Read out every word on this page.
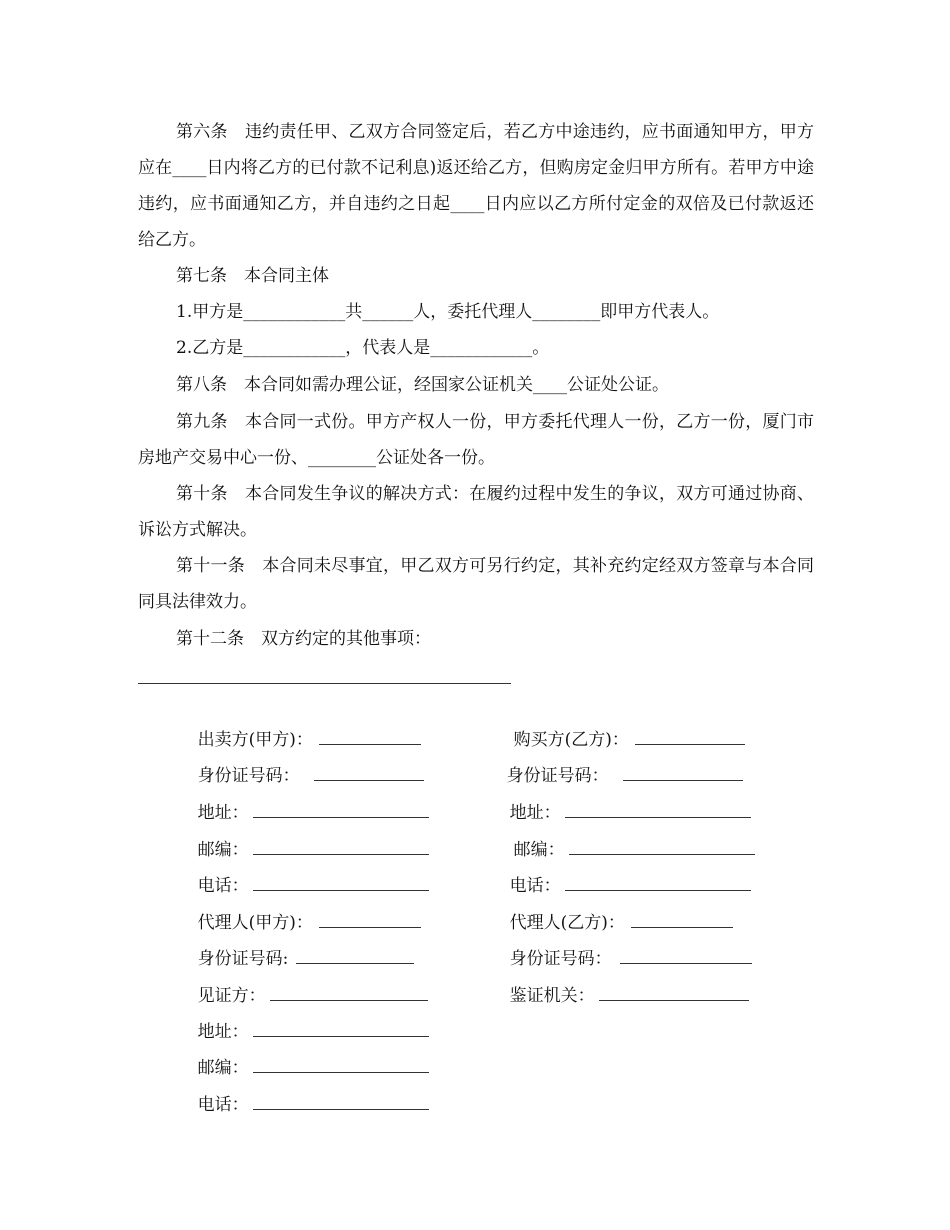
第六条　违约责任甲、乙双方合同签定后，若乙方中途违约，应书面通知甲方，甲方应在____日内将乙方的已付款不记利息)返还给乙方，但购房定金归甲方所有。若甲方中途违约，应书面通知乙方，并自违约之日起____日内应以乙方所付定金的双倍及已付款返还给乙方。

第七条　本合同主体

1.甲方是____________共______人，委托代理人________即甲方代表人。

2.乙方是____________，代表人是____________。

第八条　本合同如需办理公证，经国家公证机关____公证处公证。

第九条　本合同一式份。甲方产权人一份，甲方委托代理人一份，乙方一份，厦门市房地产交易中心一份、________公证处各一份。

第十条　本合同发生争议的解决方式：在履约过程中发生的争议，双方可通过协商、诉讼方式解决。

第十一条　本合同未尽事宜，甲乙双方可另行约定，其补充约定经双方签章与本合同同具法律效力。

第十二条　双方约定的其他事项：

出卖方(甲方)：

身份证号码：

地址：

邮编：

电话：

代理人(甲方)：

身份证号码:

见证方：

地址：

邮编：

电话：

购买方(乙方)：

身份证号码：

地址：

邮编：

电话：

代理人(乙方)：

身份证号码：

鉴证机关：
